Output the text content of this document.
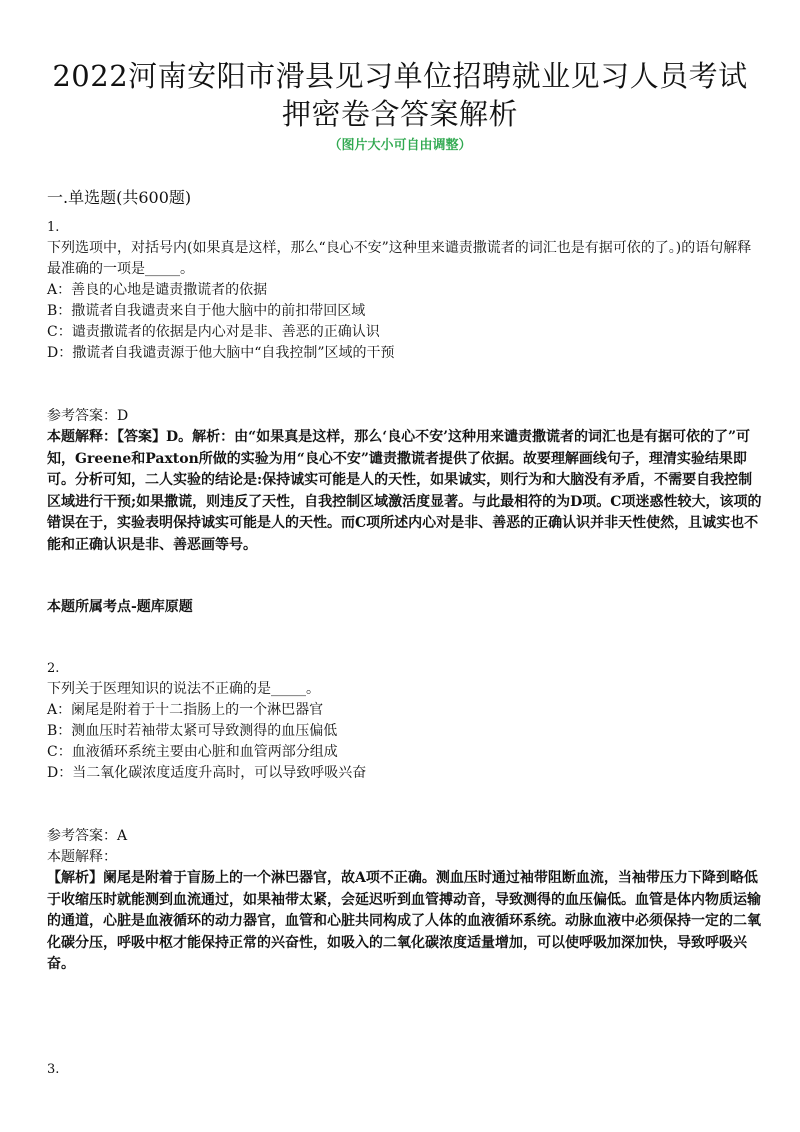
2022河南安阳市滑县见习单位招聘就业见习人员考试
押密卷含答案解析
（图片大小可自由调整）
一.单选题(共600题)
1.
下列选项中，对括号内(如果真是这样，那么“良心不安”这种里来谴责撒谎者的词汇也是有据可依的了。)的语句解释最准确的一项是_____。
A：善良的心地是谴责撒谎者的依据
B：撒谎者自我谴责来自于他大脑中的前扣带回区域
C：谴责撒谎者的依据是内心对是非、善恶的正确认识
D：撒谎者自我谴责源于他大脑中“自我控制”区域的干预
参考答案：D
本题解释：【答案】D。解析：由“如果真是这样，那么‘良心不安’这种用来谴责撒谎者的词汇也是有据可依的了”可知，Greene和Paxton所做的实验为用“良心不安”谴责撒谎者提供了依据。故要理解画线句子，理清实验结果即可。分析可知，二人实验的结论是:保持诚实可能是人的天性，如果诚实，则行为和大脑没有矛盾，不需要自我控制区域进行干预;如果撒谎，则违反了天性，自我控制区域激活度显著。与此最相符的为D项。C项迷惑性较大，该项的错误在于，实验表明保持诚实可能是人的天性。而C项所述内心对是非、善恶的正确认识并非天性使然，且诚实也不能和正确认识是非、善恶画等号。
本题所属考点-题库原题
2.
下列关于医理知识的说法不正确的是_____。
A：阑尾是附着于十二指肠上的一个淋巴器官
B：测血压时若袖带太紧可导致测得的血压偏低
C：血液循环系统主要由心脏和血管两部分组成
D：当二氧化碳浓度适度升高时，可以导致呼吸兴奋
参考答案：A
本题解释：
【解析】阑尾是附着于盲肠上的一个淋巴器官，故A项不正确。测血压时通过袖带阻断血流，当袖带压力下降到略低于收缩压时就能测到血流通过，如果袖带太紧，会延迟听到血管搏动音，导致测得的血压偏低。血管是体内物质运输的通道，心脏是血液循环的动力器官，血管和心脏共同构成了人体的血液循环系统。动脉血液中必须保持一定的二氧化碳分压，呼吸中枢才能保持正常的兴奋性，如吸入的二氧化碳浓度适量增加，可以使呼吸加深加快，导致呼吸兴奋。
3.
